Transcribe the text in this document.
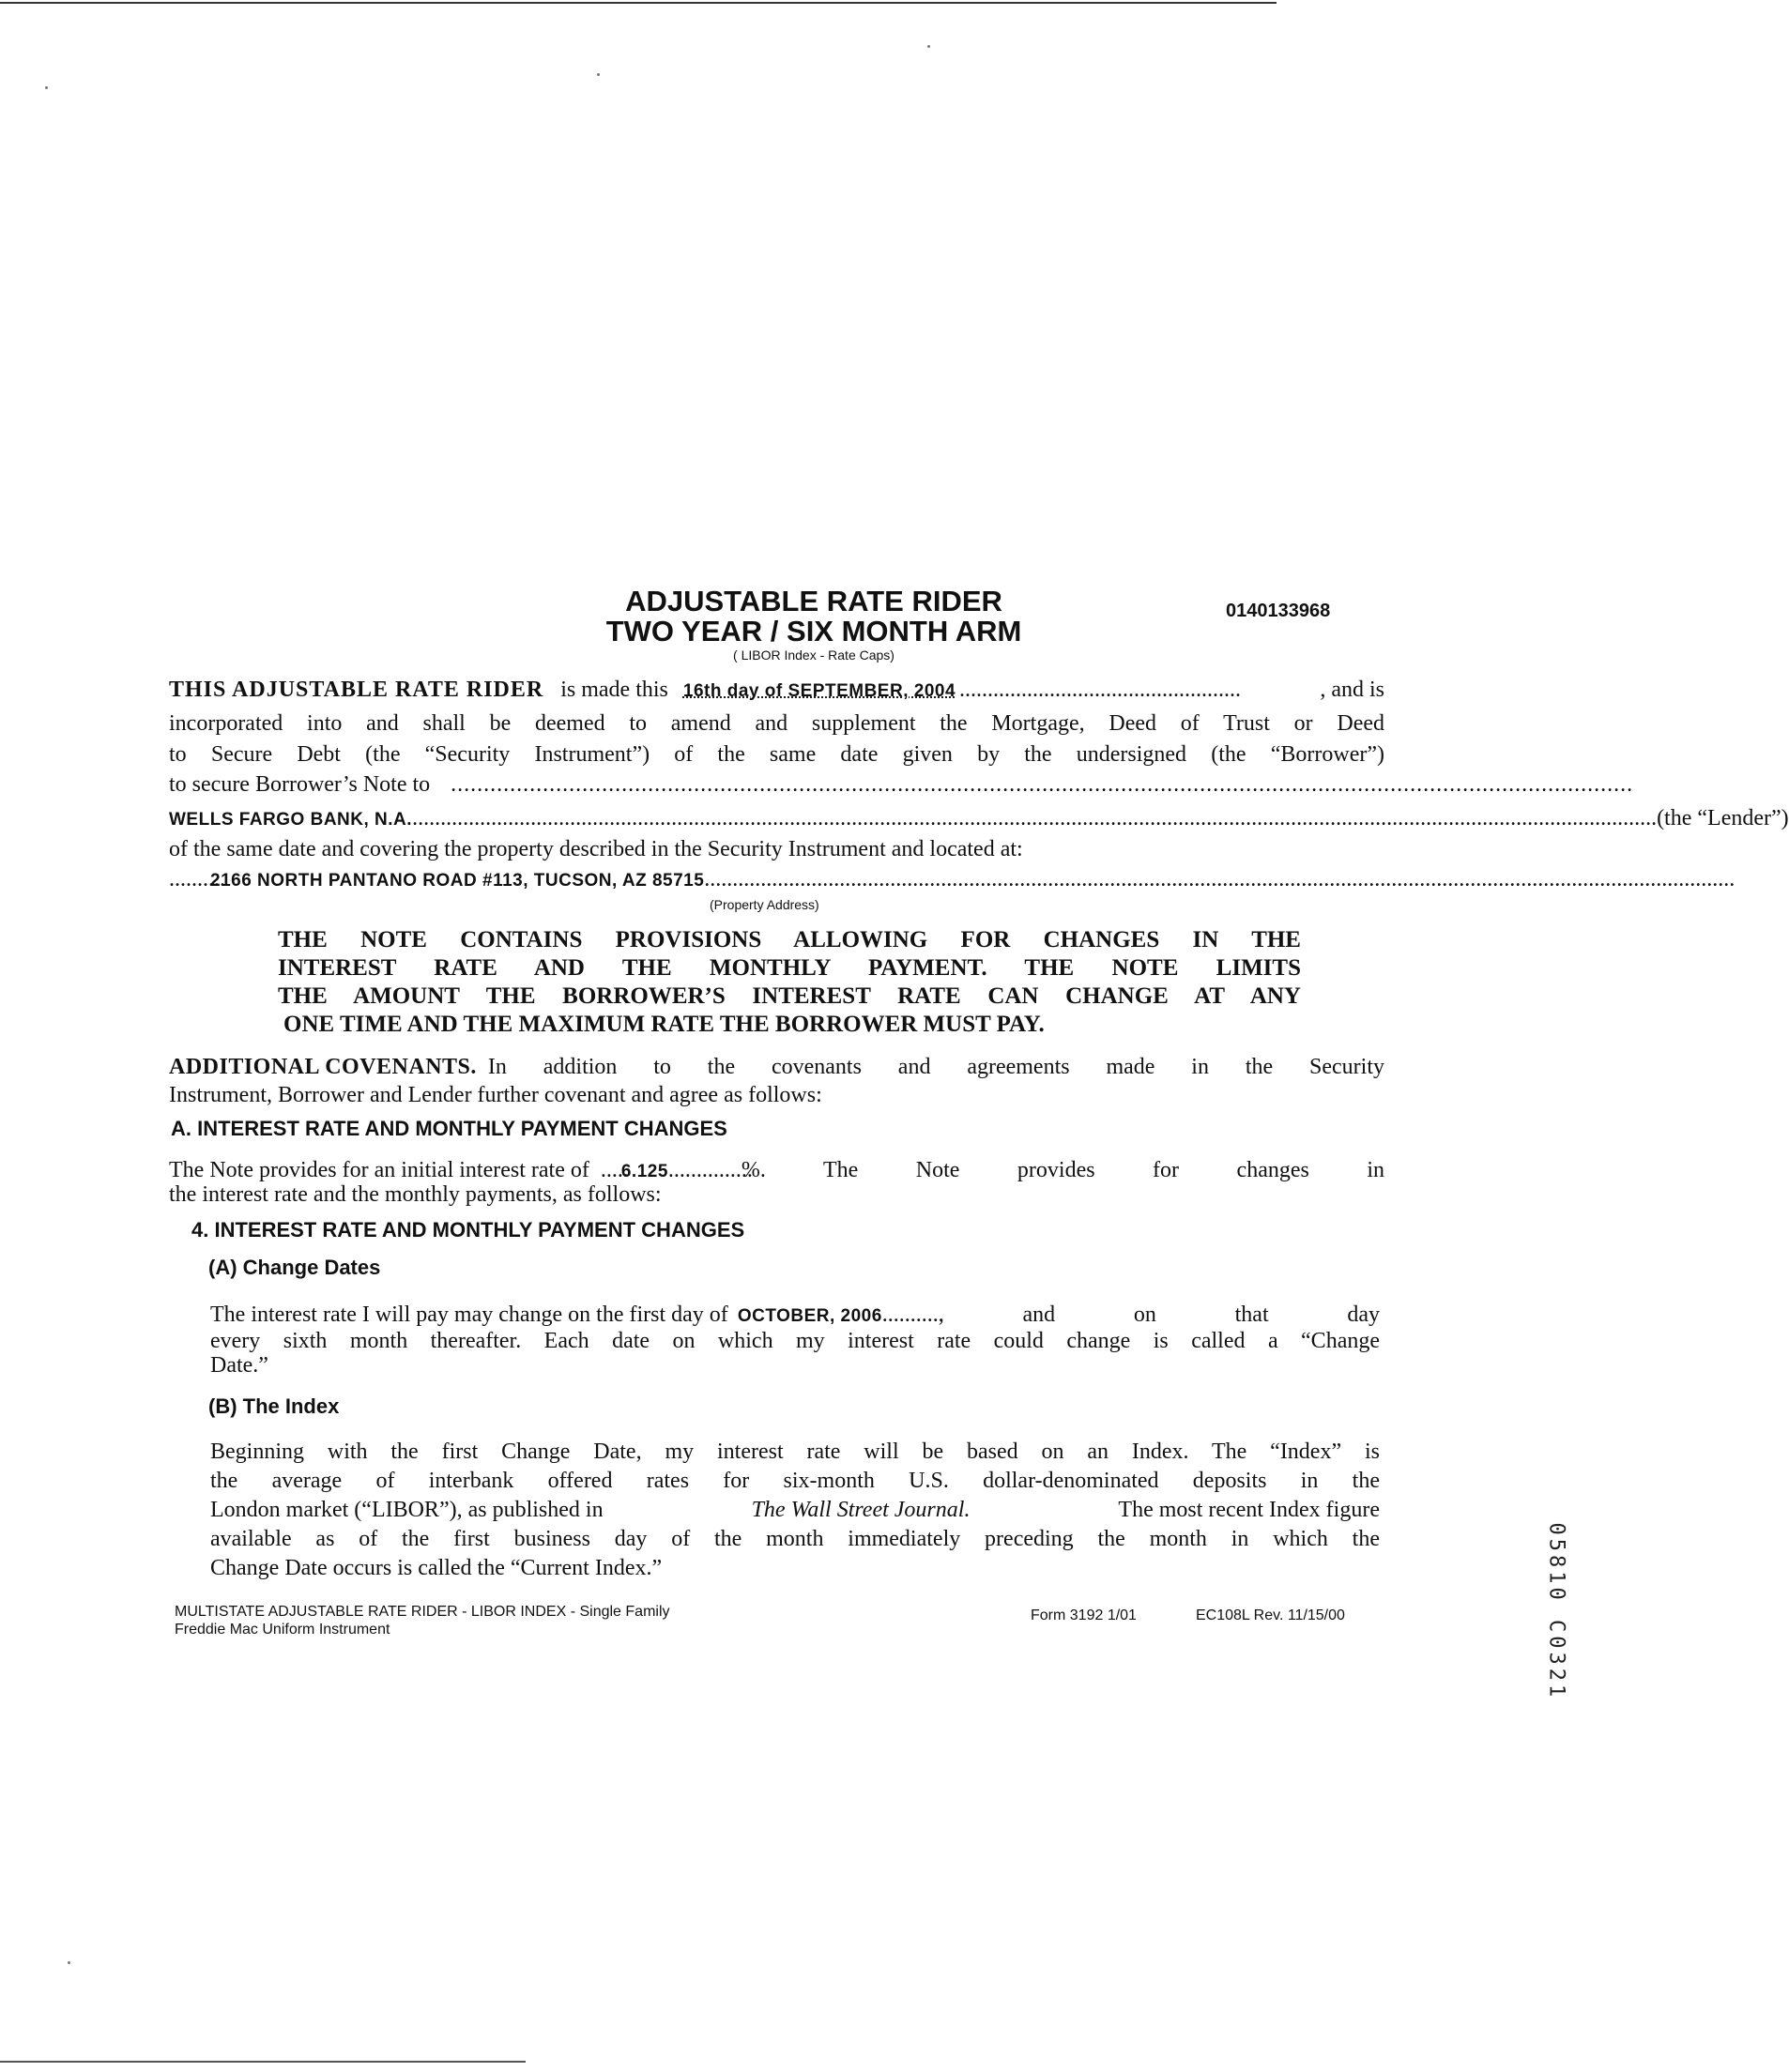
ADJUSTABLE RATE RIDER
TWO YEAR / SIX MONTH ARM
( LIBOR Index - Rate Caps)
0140133968
THIS ADJUSTABLE RATE RIDER is made this 16th day of SEPTEMBER, 2004 ..................................................	, and is
incorporated into and shall be deemed to amend and supplement the Mortgage, Deed of Trust or Deed
to Secure Debt (the “Security Instrument”) of the same date given by the undersigned (the “Borrower”)
to secure Borrower’s Note to ....................................................................................................................................................................................
WELLS FARGO BANK, N.A. ............................................................................................................................................................................................................................. (the “Lender”)
of the same date and covering the property described in the Security Instrument and located at:
..........
2166 NORTH PANTANO ROAD #113, TUCSON, AZ 85715 .......................................................................................................................................................................................
(Property Address)
THE NOTE CONTAINS PROVISIONS ALLOWING FOR CHANGES IN THE
INTEREST RATE AND THE MONTHLY PAYMENT. THE NOTE LIMITS
THE AMOUNT THE BORROWER’S INTEREST RATE CAN CHANGE AT ANY
ONE TIME AND THE MAXIMUM RATE THE BORROWER MUST PAY.
ADDITIONAL COVENANTS. In addition to the covenants and agreements made in the Security
Instrument, Borrower and Lender further covenant and agree as follows:
A. INTEREST RATE AND MONTHLY PAYMENT CHANGES
The Note provides for an initial interest rate of .....
6.125 ...............
%. The Note provides for changes in
the interest rate and the monthly payments, as follows:
4. INTEREST RATE AND MONTHLY PAYMENT CHANGES
(A) Change Dates
The interest rate I will pay may change on the first day of OCTOBER, 2006 ...........
, and on that day
every sixth month thereafter. Each date on which my interest rate could change is called a “Change
Date.”
(B) The Index
Beginning with the first Change Date, my interest rate will be based on an Index. The “Index” is
the average of interbank offered rates for six-month U.S. dollar-denominated deposits in the
London market (“LIBOR”), as published in	The Wall Street Journal.	The most recent Index figure
available as of the first business day of the month immediately preceding the month in which the
Change Date occurs is called the “Current Index.”
MULTISTATE ADJUSTABLE RATE RIDER - LIBOR INDEX - Single Family
Freddie Mac Uniform Instrument
Form 3192 1/01	EC108L Rev. 11/15/00	05810 C0321
